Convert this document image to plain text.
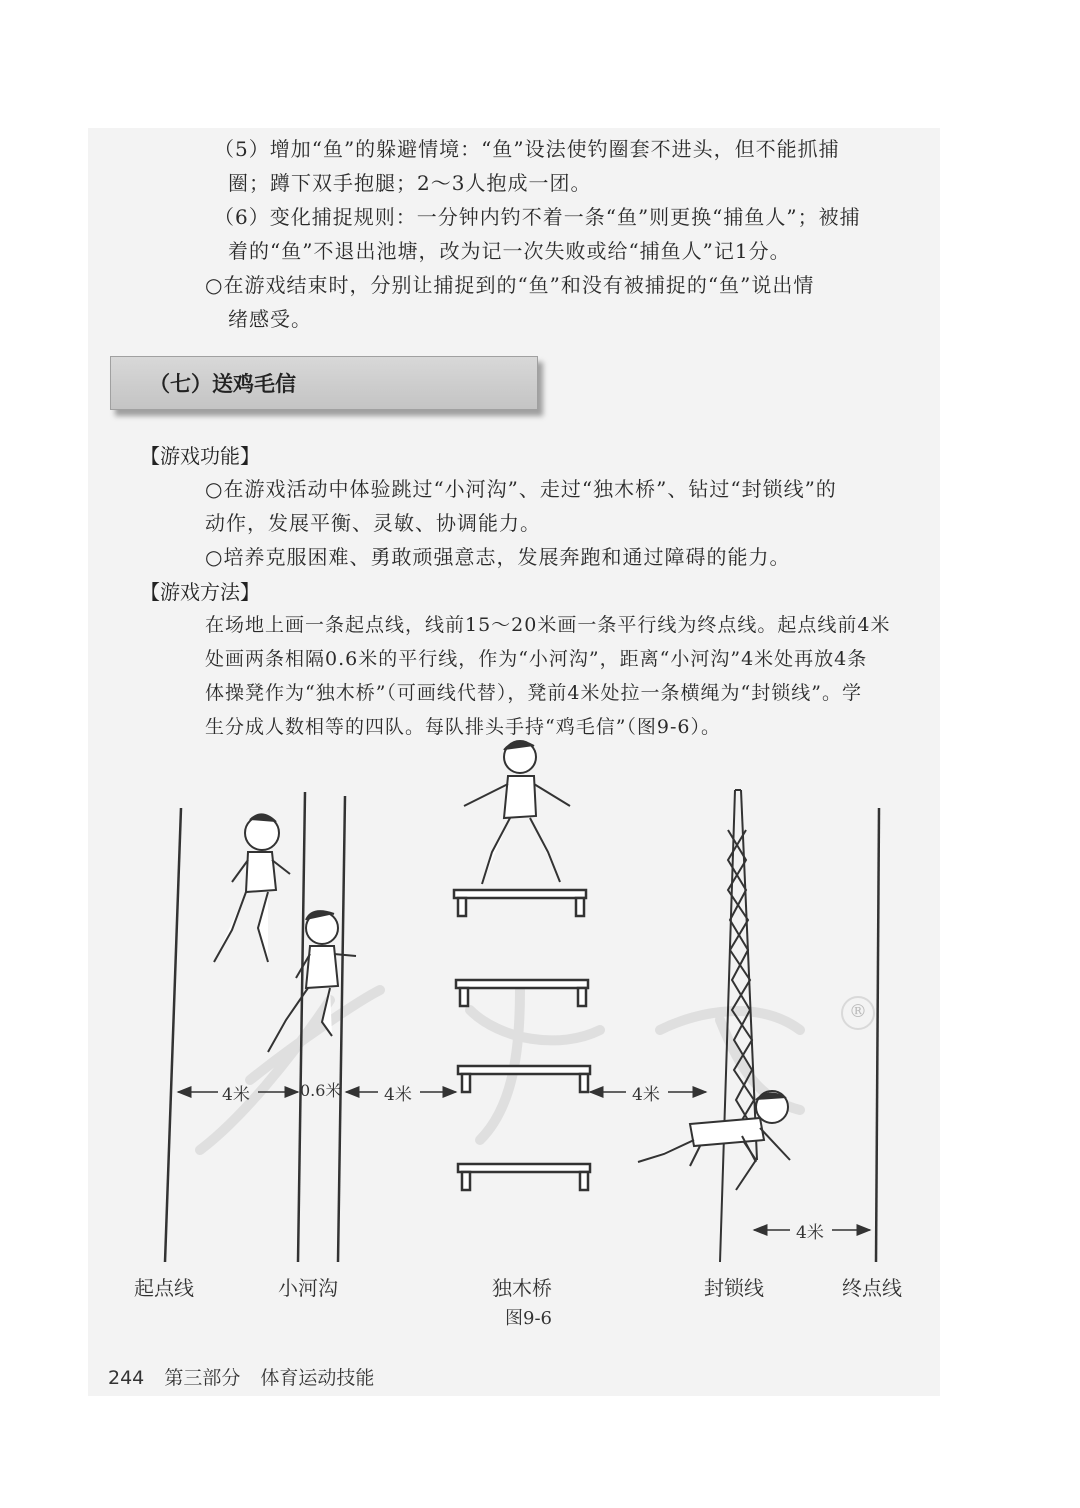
（5）增加“鱼”的躲避情境：“鱼”设法使钓圈套不进头，但不能抓捕

圈；蹲下双手抱腿；2～3人抱成一团。

（6）变化捕捉规则：一分钟内钓不着一条“鱼”则更换“捕鱼人”；被捕

着的“鱼”不退出池塘，改为记一次失败或给“捕鱼人”记1分。

○在游戏结束时，分别让捕捉到的“鱼”和没有被捕捉的“鱼”说出情

绪感受。

（七）送鸡毛信
【游戏功能】

○在游戏活动中体验跳过“小河沟”、走过“独木桥”、钻过“封锁线”的

动作，发展平衡、灵敏、协调能力。

○培养克服困难、勇敢顽强意志，发展奔跑和通过障碍的能力。

【游戏方法】

在场地上画一条起点线，线前15～20米画一条平行线为终点线。起点线前4米

处画两条相隔0.6米的平行线，作为“小河沟”，距离“小河沟”4米处再放4条

体操凳作为“独木桥”（可画线代替），凳前4米处拉一条横绳为“封锁线”。学

生分成人数相等的四队。每队排头手持“鸡毛信”（图9-6）。

4米	0.6米	4米	4米
4米
®
起点线	小河沟	独木桥	封锁线	终点线
图9-6
244 第三部分 体育运动技能
